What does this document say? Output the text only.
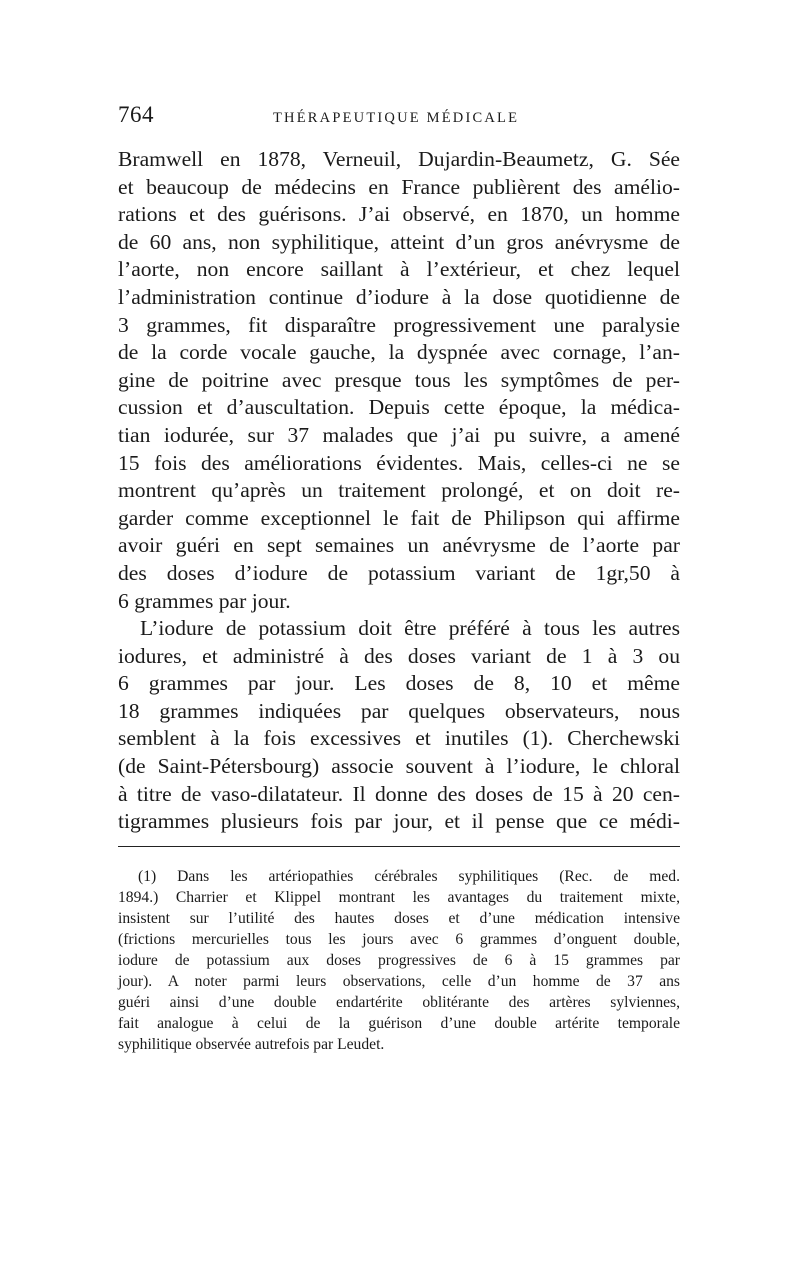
764	THÉRAPEUTIQUE MÉDICALE
Bramwell en 1878, Verneuil, Dujardin-Beaumetz, G. Sée
et beaucoup de médecins en France publièrent des amélio-
rations et des guérisons. J’ai observé, en 1870, un homme
de 60 ans, non syphilitique, atteint d’un gros anévrysme de
l’aorte, non encore saillant à l’extérieur, et chez lequel
l’administration continue d’iodure à la dose quotidienne de
3 grammes, fit disparaître progressivement une paralysie
de la corde vocale gauche, la dyspnée avec cornage, l’an-
gine de poitrine avec presque tous les symptômes de per-
cussion et d’auscultation. Depuis cette époque, la médica-
tian iodurée, sur 37 malades que j’ai pu suivre, a amené
15 fois des améliorations évidentes. Mais, celles-ci ne se
montrent qu’après un traitement prolongé, et on doit re-
garder comme exceptionnel le fait de Philipson qui affirme
avoir guéri en sept semaines un anévrysme de l’aorte par
des doses d’iodure de potassium variant de 1gr,50 à
6 grammes par jour.
L’iodure de potassium doit être préféré à tous les autres
iodures, et administré à des doses variant de 1 à 3 ou
6 grammes par jour. Les doses de 8, 10 et même
18 grammes indiquées par quelques observateurs, nous
semblent à la fois excessives et inutiles (1). Cherchewski
(de Saint-Pétersbourg) associe souvent à l’iodure, le chloral
à titre de vaso-dilatateur. Il donne des doses de 15 à 20 cen-
tigrammes plusieurs fois par jour, et il pense que ce médi-
(1) Dans les artériopathies cérébrales syphilitiques (Rec. de med.
1894.) Charrier et Klippel montrant les avantages du traitement mixte,
insistent sur l’utilité des hautes doses et d’une médication intensive
(frictions mercurielles tous les jours avec 6 grammes d’onguent double,
iodure de potassium aux doses progressives de 6 à 15 grammes par
jour). A noter parmi leurs observations, celle d’un homme de 37 ans
guéri ainsi d’une double endartérite oblitérante des artères sylviennes,
fait analogue à celui de la guérison d’une double artérite temporale
syphilitique observée autrefois par Leudet.
